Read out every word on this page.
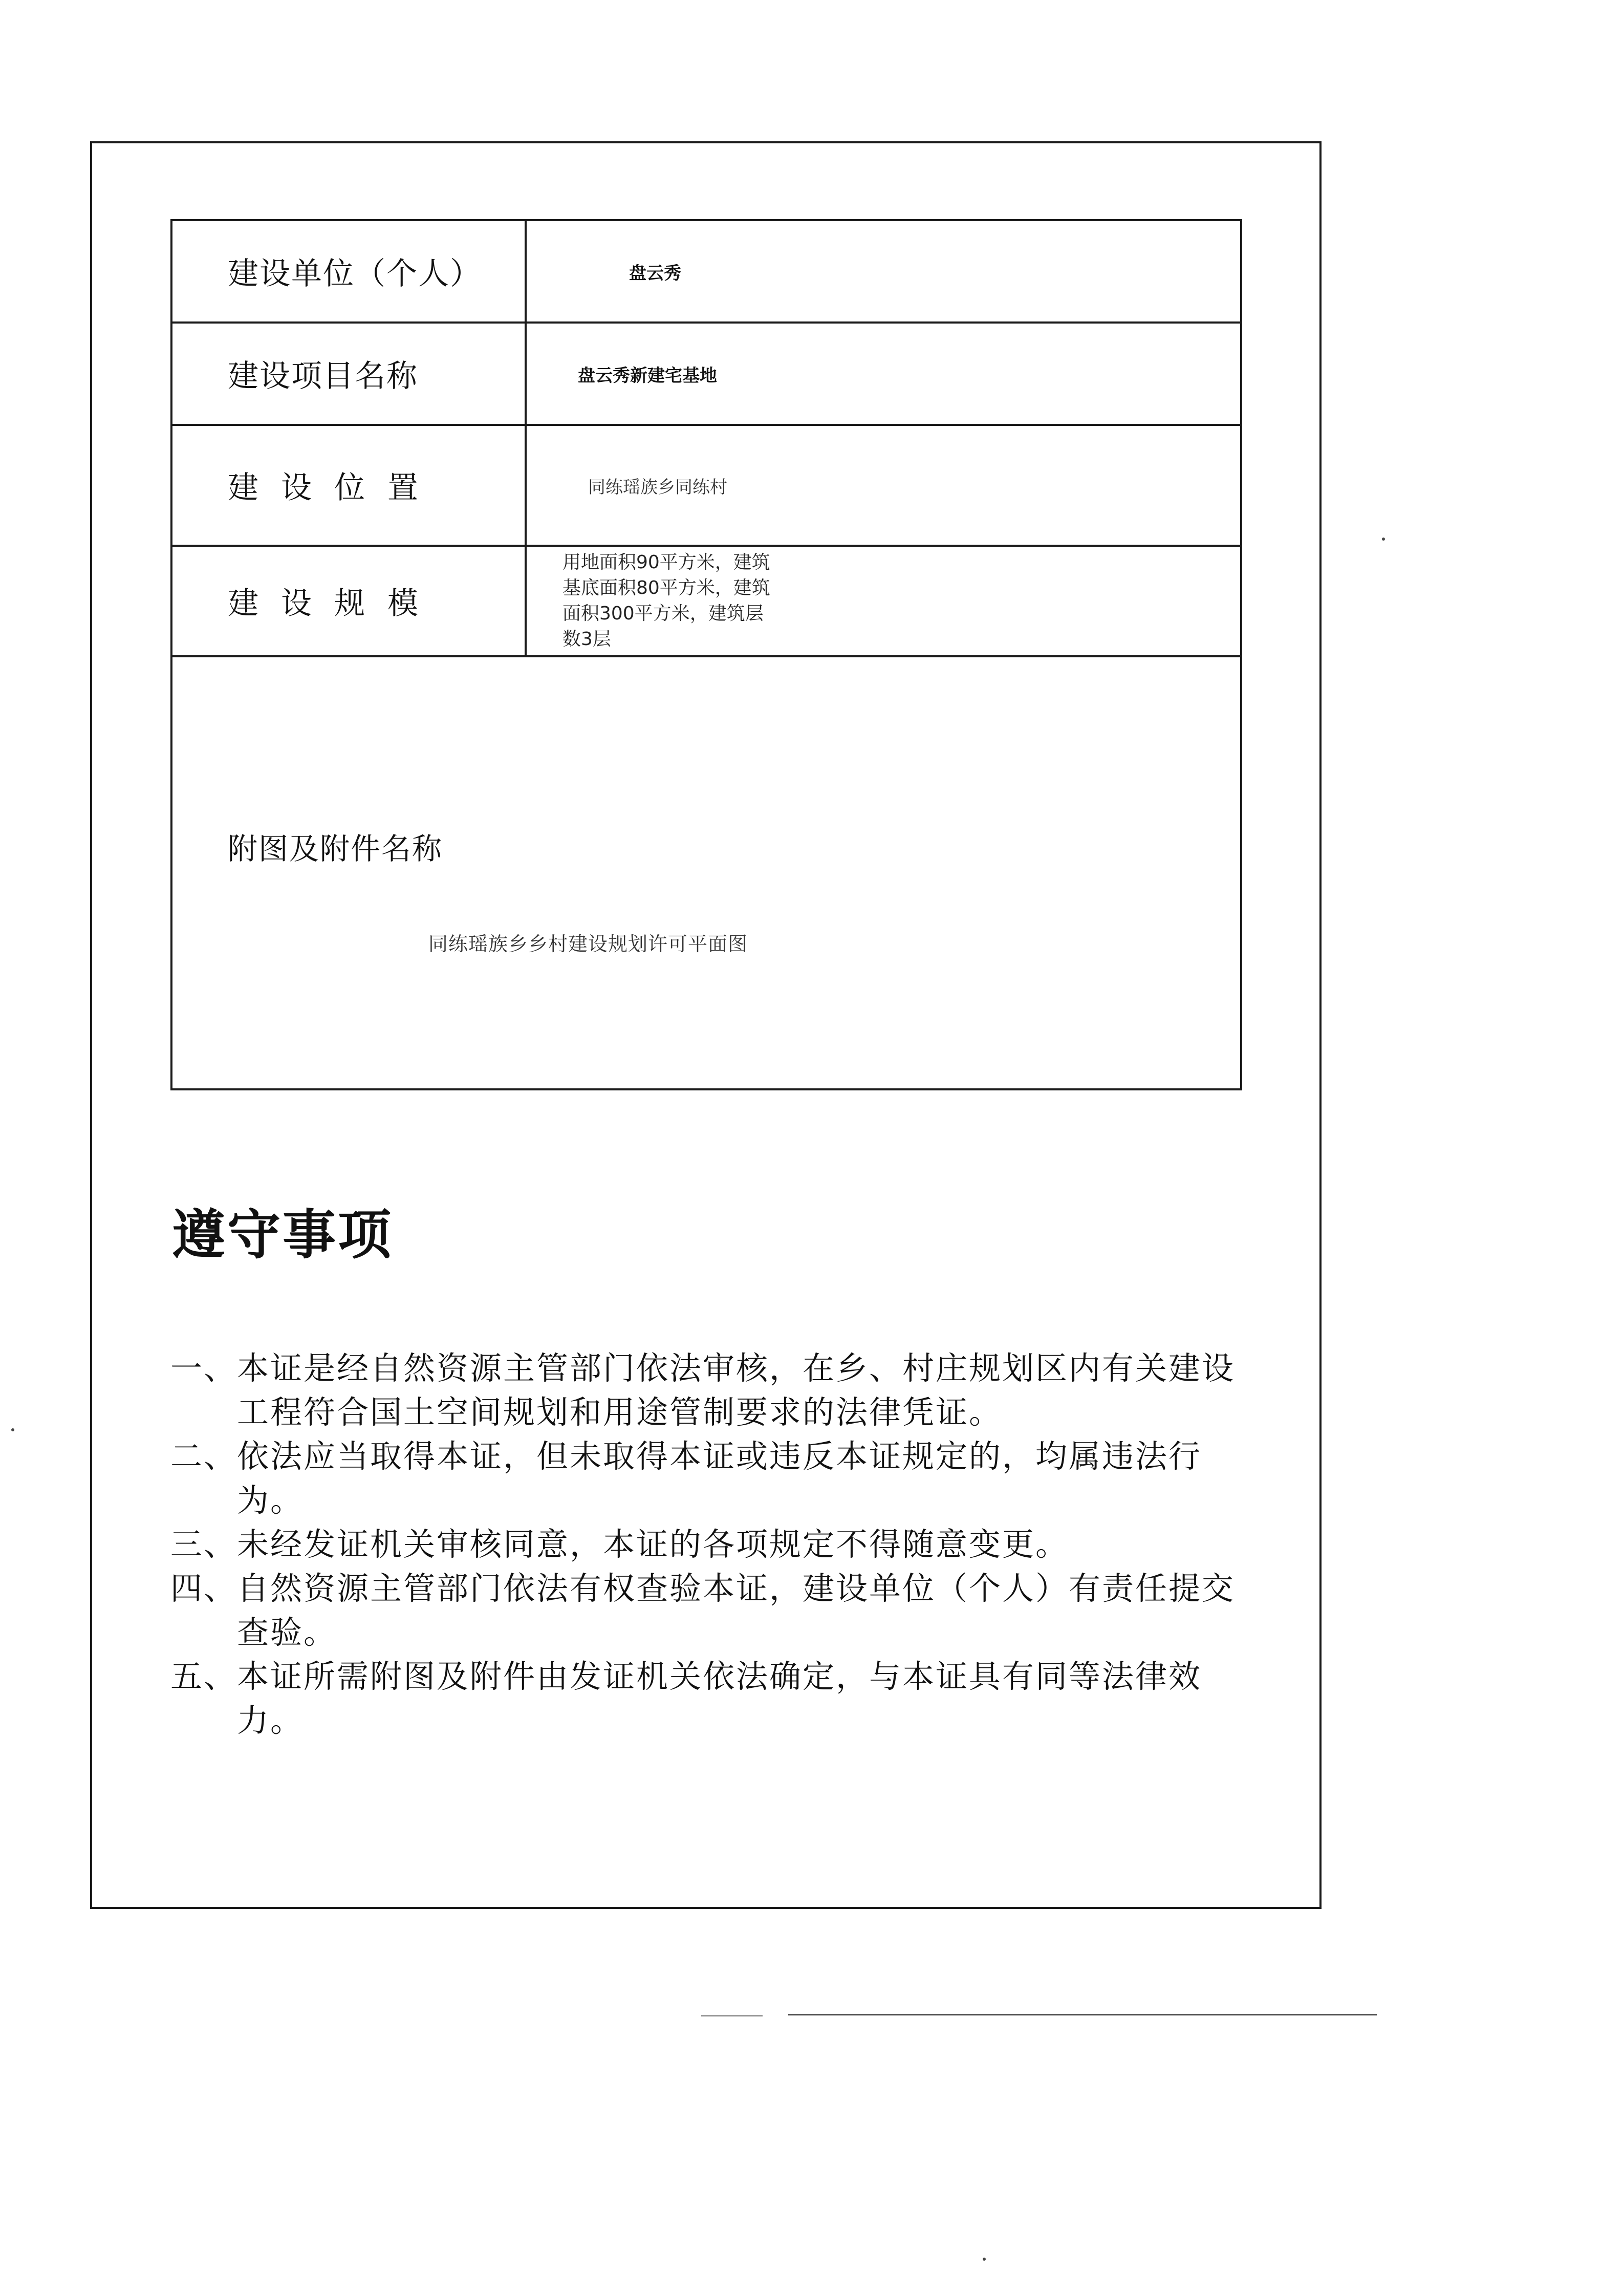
建设单位（个人）	盘云秀

建设项目名称	盘云秀新建宅基地

建设位置	同练瑶族乡同练村

建设规模	用地面积90平方米，建筑
基底面积80平方米，建筑
面积300平方米，建筑层
数3层

附图及附件名称
同练瑶族乡乡村建设规划许可平面图	
遵守事项
一、 本证是经自然资源主管部门依法审核，在乡、村庄规划区内有关建设工程符合国土空间规划和用途管制要求的法律凭证。
二、 依法应当取得本证，但未取得本证或违反本证规定的，均属违法行为。
三、 未经发证机关审核同意，本证的各项规定不得随意变更。
四、 自然资源主管部门依法有权查验本证，建设单位（个人）有责任提交查验。
五、 本证所需附图及附件由发证机关依法确定，与本证具有同等法律效力。
